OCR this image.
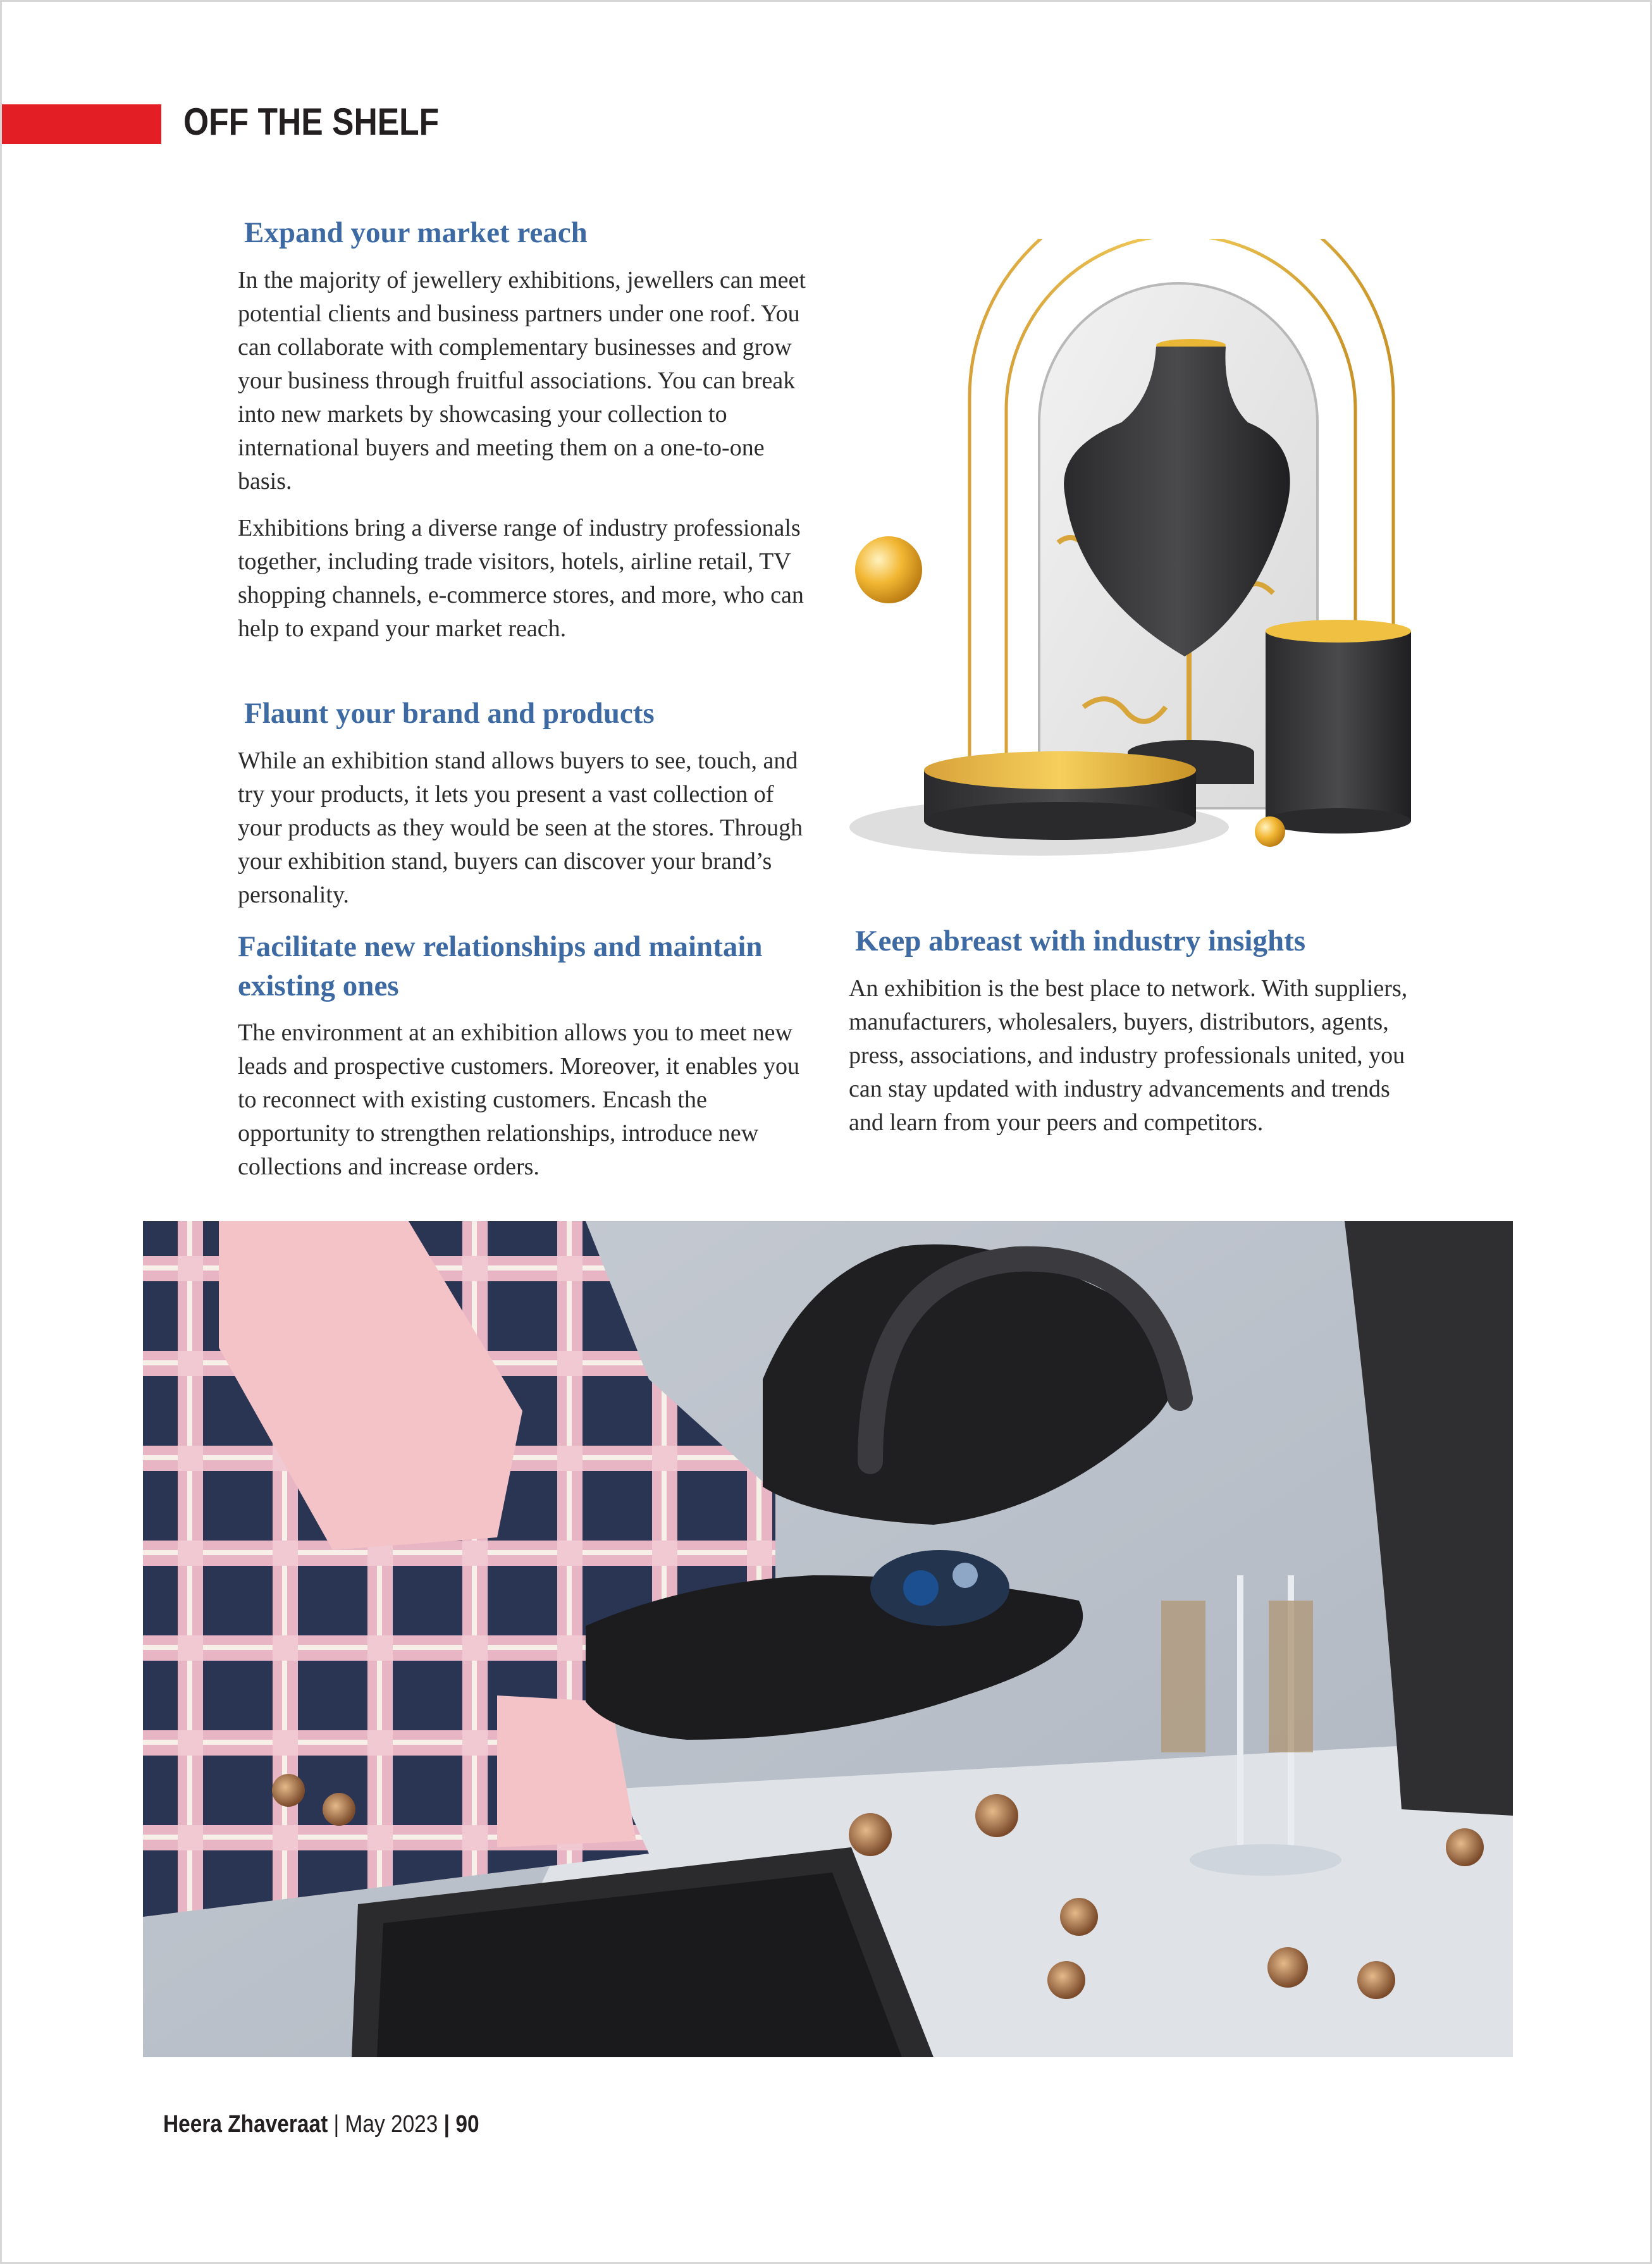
OFF THE SHELF
Expand your market reach

In the majority of jewellery exhibitions, jewellers can meet potential clients and business partners under one roof. You can collaborate with complementary businesses and grow your business through fruitful associations. You can break into new markets by showcasing your collection to international buyers and meeting them on a one-to-one basis.

Exhibitions bring a diverse range of industry professionals together, including trade visitors, hotels, airline retail, TV shopping channels, e-commerce stores, and more, who can help to expand your market reach.

Flaunt your brand and products

While an exhibition stand allows buyers to see, touch, and try your products, it lets you present a vast collection of your products as they would be seen at the stores. Through your exhibition stand, buyers can discover your brand’s personality.

Facilitate new relationships and maintain existing ones

The environment at an exhibition allows you to meet new leads and prospective customers. Moreover, it enables you to reconnect with existing customers. Encash the opportunity to strengthen relationships, introduce new collections and increase orders.

Keep abreast with industry insights

An exhibition is the best place to network. With suppliers, manufacturers, wholesalers, buyers, distributors, agents, press, associations, and industry professionals united, you can stay updated with industry advancements and trends and learn from your peers and competitors.

Heera Zhaveraat | May 2023 | 90
